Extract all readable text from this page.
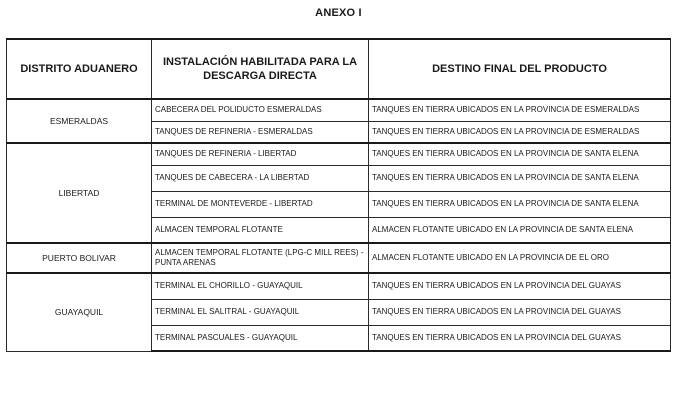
ANEXO I
DISTRITO ADUANERO	INSTALACIÓN HABILITADA PARA LA DESCARGA DIRECTA	DESTINO FINAL DEL PRODUCTO
ESMERALDAS	CABECERA DEL POLIDUCTO ESMERALDAS	TANQUES EN TIERRA UBICADOS EN LA PROVINCIA DE ESMERALDAS
	TANQUES DE REFINERIA - ESMERALDAS	TANQUES EN TIERRA UBICADOS EN LA PROVINCIA DE ESMERALDAS
LIBERTAD	TANQUES DE REFINERIA - LIBERTAD	TANQUES EN TIERRA UBICADOS EN LA PROVINCIA DE SANTA ELENA
	TANQUES DE CABECERA - LA LIBERTAD	TANQUES EN TIERRA UBICADOS EN LA PROVINCIA DE SANTA ELENA
	TERMINAL DE MONTEVERDE - LIBERTAD	TANQUES EN TIERRA UBICADOS EN LA PROVINCIA DE SANTA ELENA
	ALMACEN TEMPORAL FLOTANTE	ALMACEN FLOTANTE UBICADO EN LA PROVINCIA DE SANTA ELENA
PUERTO BOLIVAR	ALMACEN TEMPORAL FLOTANTE (LPG-C MILL REES) - PUNTA ARENAS	ALMACEN FLOTANTE UBICADO EN LA PROVINCIA DE EL ORO
GUAYAQUIL	TERMINAL EL CHORILLO - GUAYAQUIL	TANQUES EN TIERRA UBICADOS EN LA PROVINCIA DEL GUAYAS
	TERMINAL EL SALITRAL - GUAYAQUIL	TANQUES EN TIERRA UBICADOS EN LA PROVINCIA DEL GUAYAS
	TERMINAL PASCUALES - GUAYAQUIL	TANQUES EN TIERRA UBICADOS EN LA PROVINCIA DEL GUAYAS
